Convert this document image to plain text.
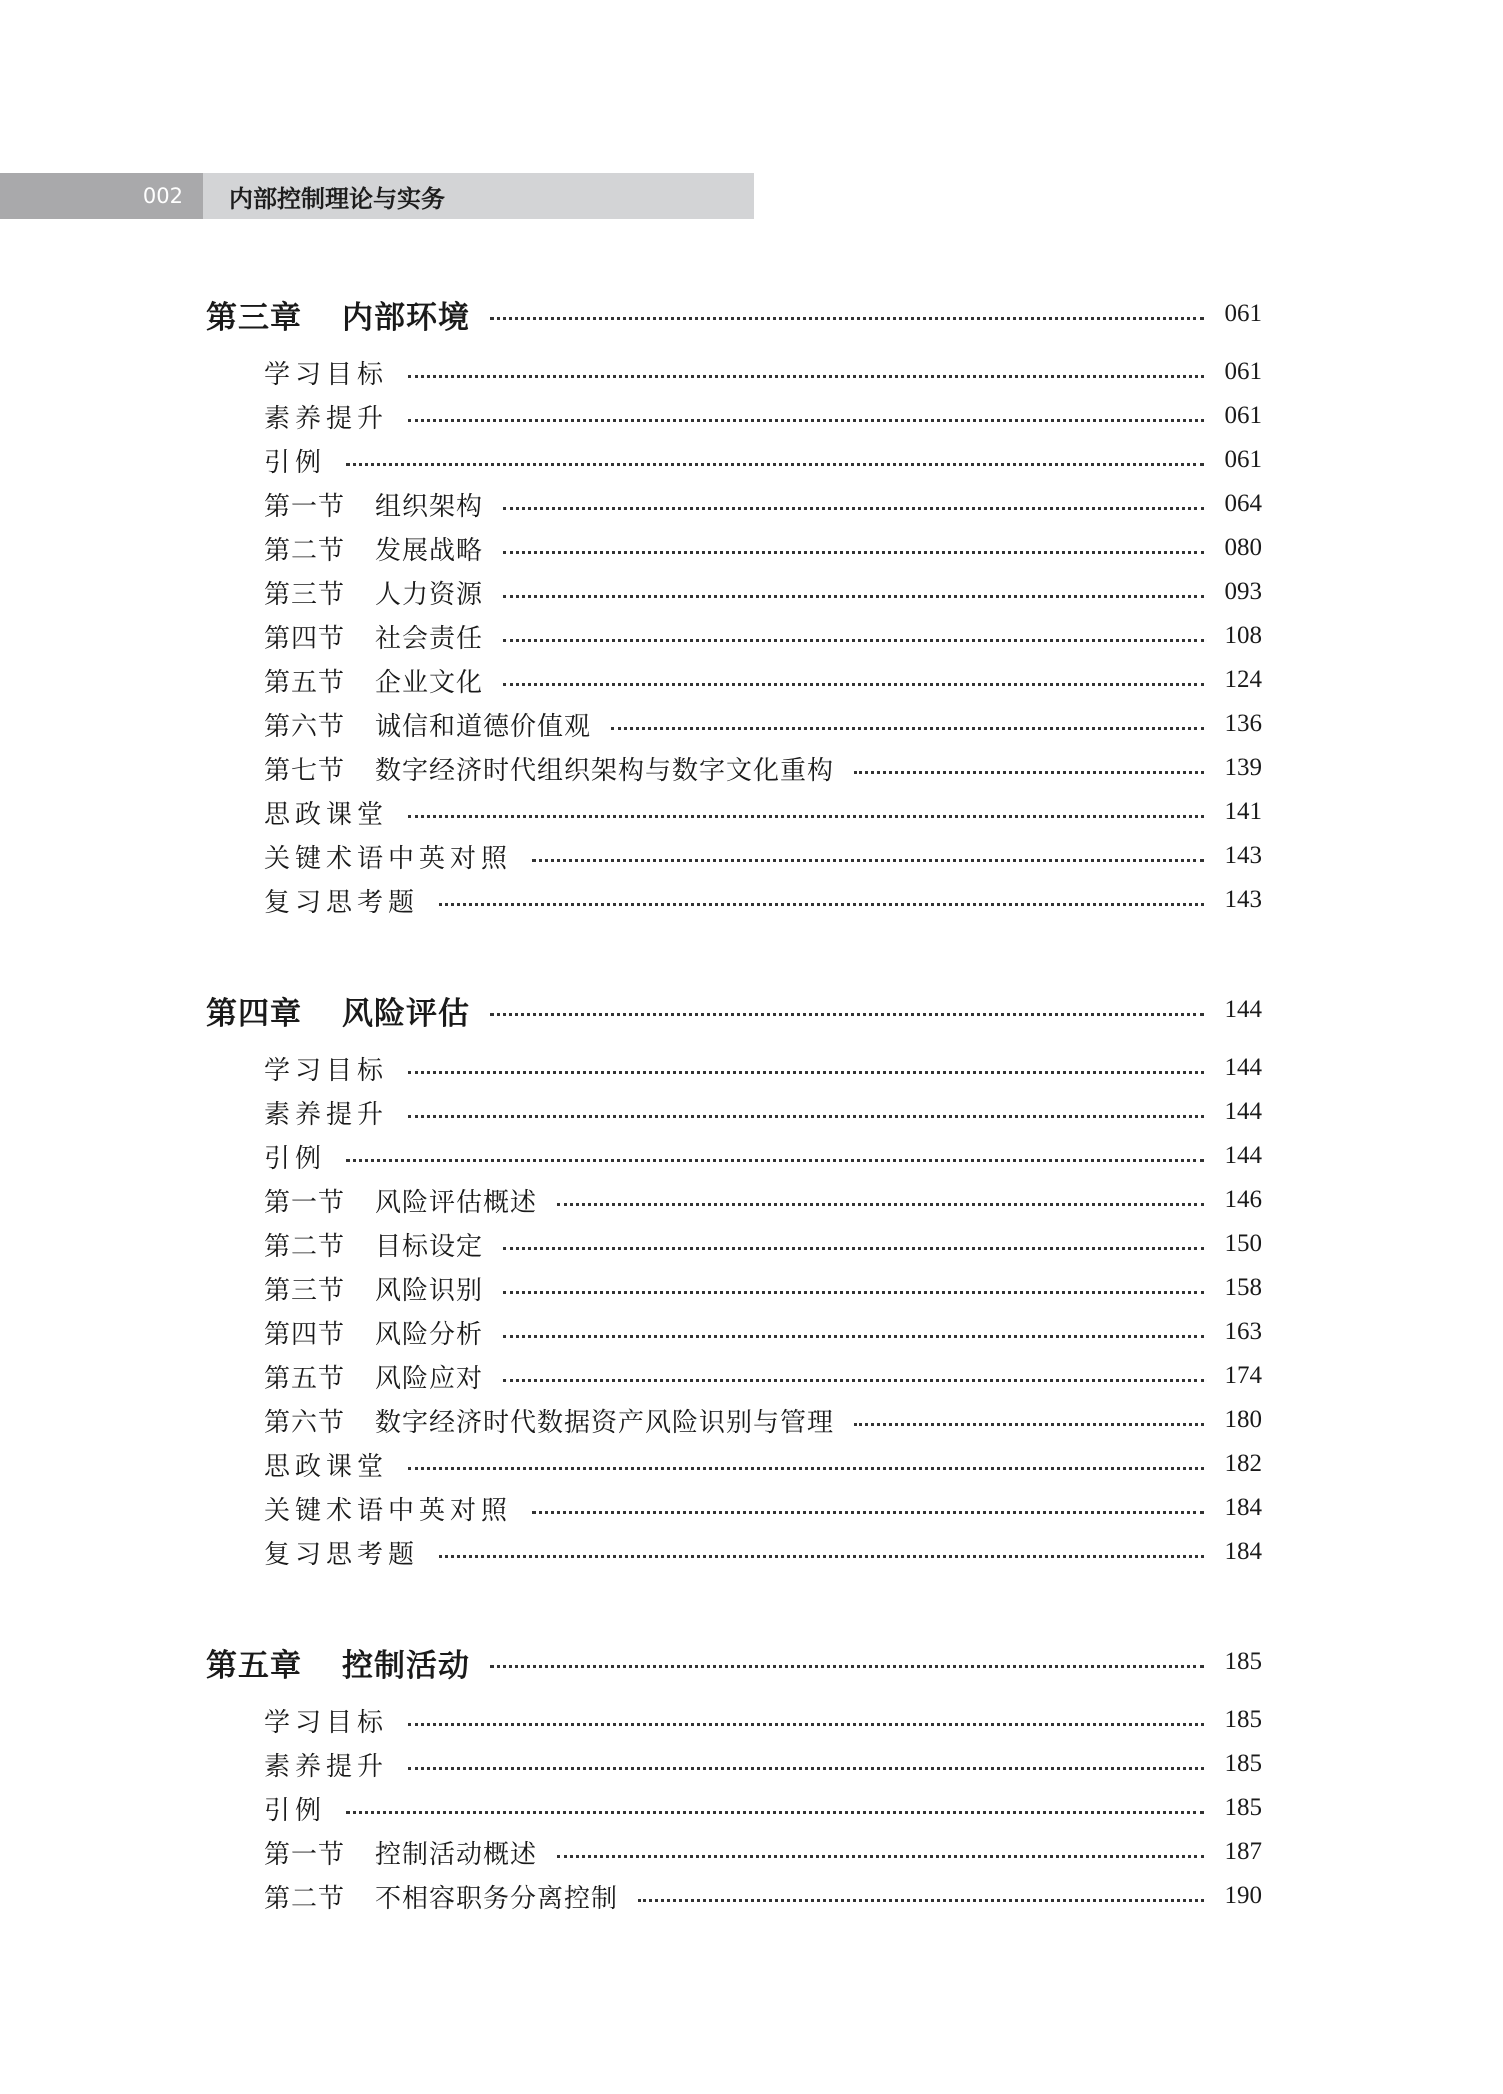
002	内部控制理论与实务
第三章 内部环境	061
学习目标	061
素养提升	061
引例	061
第一节 组织架构	064
第二节 发展战略	080
第三节 人力资源	093
第四节 社会责任	108
第五节 企业文化	124
第六节 诚信和道德价值观	136
第七节 数字经济时代组织架构与数字文化重构	139
思政课堂	141
关键术语中英对照	143
复习思考题	143
第四章 风险评估	144
学习目标	144
素养提升	144
引例	144
第一节 风险评估概述	146
第二节 目标设定	150
第三节 风险识别	158
第四节 风险分析	163
第五节 风险应对	174
第六节 数字经济时代数据资产风险识别与管理	180
思政课堂	182
关键术语中英对照	184
复习思考题	184
第五章 控制活动	185
学习目标	185
素养提升	185
引例	185
第一节 控制活动概述	187
第二节 不相容职务分离控制	190
